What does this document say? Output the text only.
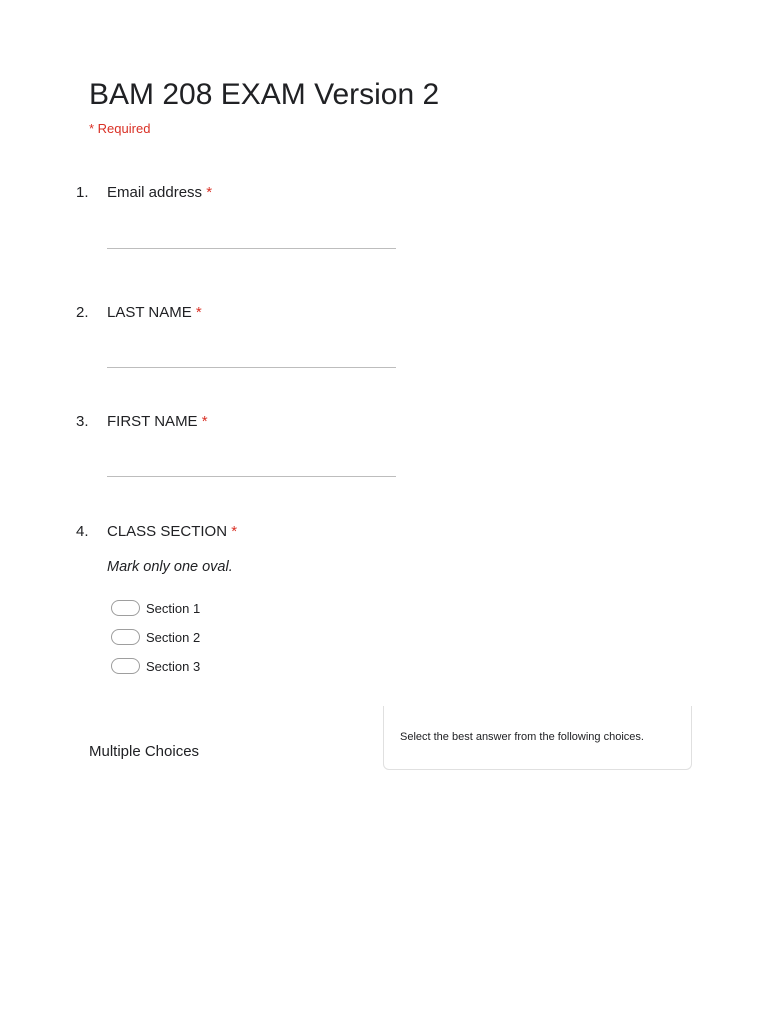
BAM 208 EXAM Version 2
* Required
1. Email address *
2. LAST NAME *
3. FIRST NAME *
4. CLASS SECTION *
Mark only one oval.
Section 1
Section 2
Section 3
Multiple Choices
Select the best answer from the following choices.
